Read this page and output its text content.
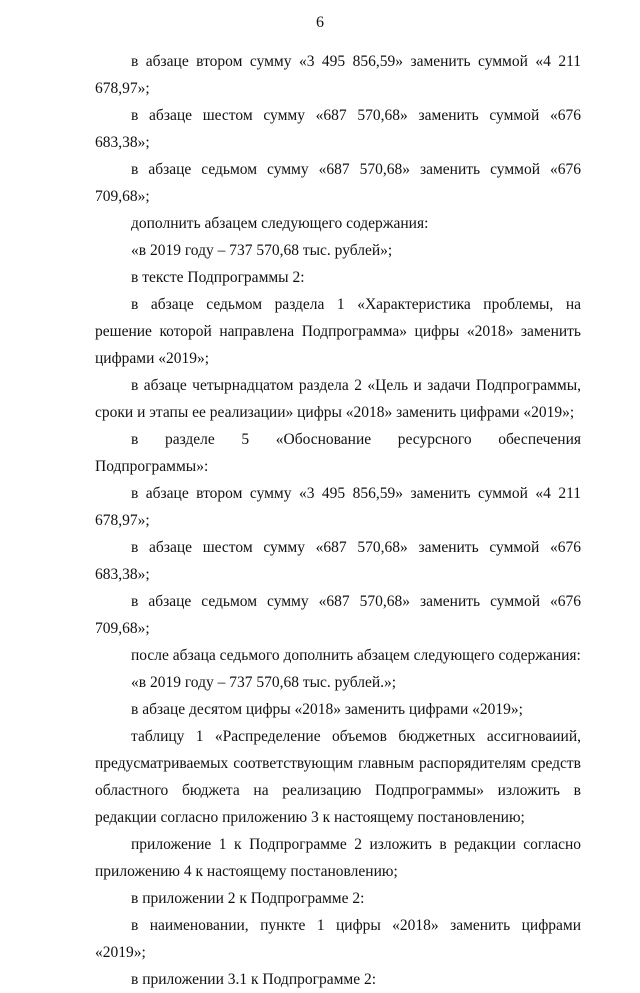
6

в абзаце втором сумму «3 495 856,59» заменить суммой «4 211 678,97»;

в абзаце шестом сумму «687 570,68» заменить суммой «676 683,38»;

в абзаце седьмом сумму «687 570,68» заменить суммой «676 709,68»;

дополнить абзацем следующего содержания:

«в 2019 году – 737 570,68 тыс. рублей»;

в тексте Подпрограммы 2:

в абзаце седьмом раздела 1 «Характеристика проблемы, на решение которой направлена Подпрограмма» цифры «2018» заменить цифрами «2019»;

в абзаце четырнадцатом раздела 2 «Цель и задачи Подпрограммы, сроки и этапы ее реализации» цифры «2018» заменить цифрами «2019»;

в разделе 5 «Обоснование ресурсного обеспечения Подпрограммы»:

в абзаце втором сумму «3 495 856,59» заменить суммой «4 211 678,97»;

в абзаце шестом сумму «687 570,68» заменить суммой «676 683,38»;

в абзаце седьмом сумму «687 570,68» заменить суммой «676 709,68»;

после абзаца седьмого дополнить абзацем следующего содержания:

«в 2019 году – 737 570,68 тыс. рублей.»;

в абзаце десятом цифры «2018» заменить цифрами «2019»;

таблицу 1 «Распределение объемов бюджетных ассигноваиий, предусматриваемых соответствующим главным распорядителям средств областного бюджета на реализацию Подпрограммы» изложить в редакции согласно приложению 3 к настоящему постановлению;

приложение 1 к Подпрограмме 2 изложить в редакции согласно приложению 4 к настоящему постановлению;

в приложении 2 к Подпрограмме 2:

в наименовании, пункте 1 цифры «2018» заменить цифрами «2019»;

в приложении 3.1 к Подпрограмме 2:
